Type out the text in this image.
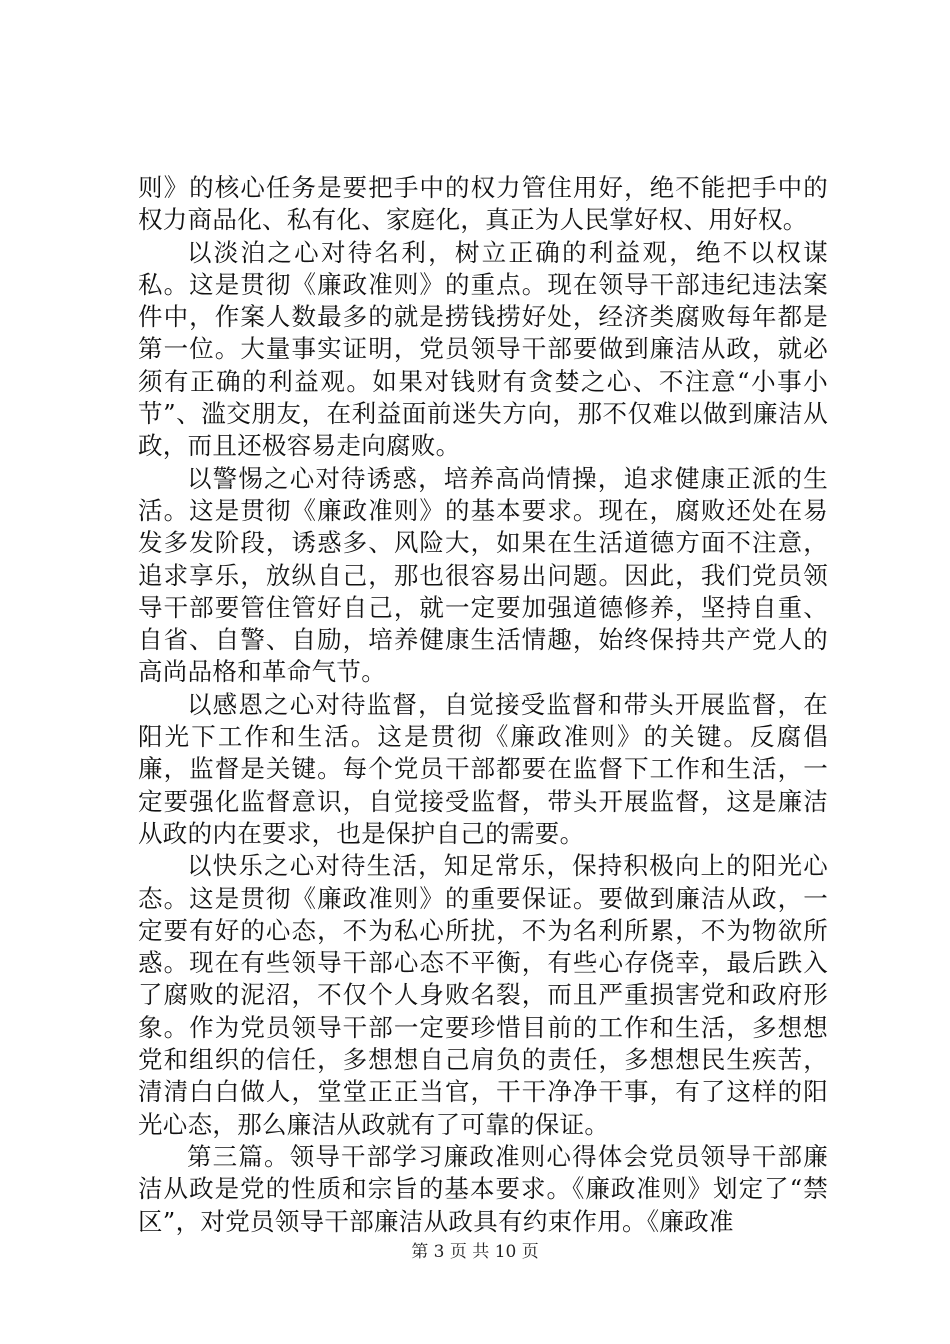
则》的核心任务是要把手中的权力管住用好，绝不能把手中的权力商品化、私有化、家庭化，真正为人民掌好权、用好权。

以淡泊之心对待名利，树立正确的利益观，绝不以权谋私。这是贯彻《廉政准则》的重点。现在领导干部违纪违法案件中，作案人数最多的就是捞钱捞好处，经济类腐败每年都是第一位。大量事实证明，党员领导干部要做到廉洁从政，就必须有正确的利益观。如果对钱财有贪婪之心、不注意“小事小节”、滥交朋友，在利益面前迷失方向，那不仅难以做到廉洁从政，而且还极容易走向腐败。

以警惕之心对待诱惑，培养高尚情操，追求健康正派的生活。这是贯彻《廉政准则》的基本要求。现在，腐败还处在易发多发阶段，诱惑多、风险大，如果在生活道德方面不注意，追求享乐，放纵自己，那也很容易出问题。因此，我们党员领导干部要管住管好自己，就一定要加强道德修养，坚持自重、自省、自警、自励，培养健康生活情趣，始终保持共产党人的高尚品格和革命气节。

以感恩之心对待监督，自觉接受监督和带头开展监督，在阳光下工作和生活。这是贯彻《廉政准则》的关键。反腐倡廉，监督是关键。每个党员干部都要在监督下工作和生活，一定要强化监督意识，自觉接受监督，带头开展监督，这是廉洁从政的内在要求，也是保护自己的需要。

以快乐之心对待生活，知足常乐，保持积极向上的阳光心态。这是贯彻《廉政准则》的重要保证。要做到廉洁从政，一定要有好的心态，不为私心所扰，不为名利所累，不为物欲所惑。现在有些领导干部心态不平衡，有些心存侥幸，最后跌入了腐败的泥沼，不仅个人身败名裂，而且严重损害党和政府形象。作为党员领导干部一定要珍惜目前的工作和生活，多想想党和组织的信任，多想想自己肩负的责任，多想想民生疾苦，清清白白做人，堂堂正正当官，干干净净干事，有了这样的阳光心态，那么廉洁从政就有了可靠的保证。

第三篇。领导干部学习廉政准则心得体会党员领导干部廉洁从政是党的性质和宗旨的基本要求。《廉政准则》划定了“禁区”，对党员领导干部廉洁从政具有约束作用。《廉政准

第 3 页 共 10 页
